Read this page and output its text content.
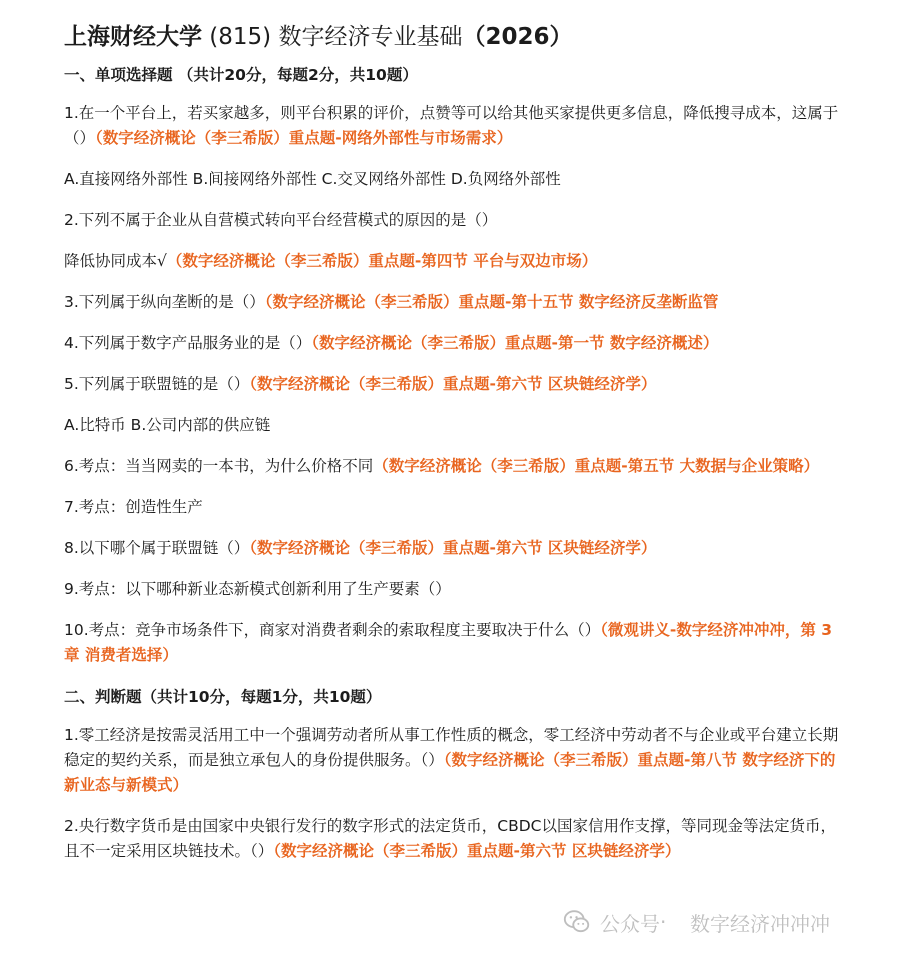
上海财经大学 (815) 数字经济专业基础（2026）
一、单项选择题 （共计20分，每题2分，共10题）
1.在一个平台上，若买家越多，则平台积累的评价，点赞等可以给其他买家提供更多信息，降低搜寻成本，这属于（）（数字经济概论（李三希版）重点题-网络外部性与市场需求）
A.直接网络外部性 B.间接网络外部性 C.交叉网络外部性 D.负网络外部性
2.下列不属于企业从自营模式转向平台经营模式的原因的是（）
降低协同成本√（数字经济概论（李三希版）重点题-第四节 平台与双边市场）
3.下列属于纵向垄断的是（）（数字经济概论（李三希版）重点题-第十五节 数字经济反垄断监管
4.下列属于数字产品服务业的是（）（数字经济概论（李三希版）重点题-第一节 数字经济概述）
5.下列属于联盟链的是（）（数字经济概论（李三希版）重点题-第六节 区块链经济学）
A.比特币 B.公司内部的供应链
6.考点：当当网卖的一本书，为什么价格不同（数字经济概论（李三希版）重点题-第五节 大数据与企业策略）
7.考点：创造性生产
8.以下哪个属于联盟链（）（数字经济概论（李三希版）重点题-第六节 区块链经济学）
9.考点：以下哪种新业态新模式创新利用了生产要素（）
10.考点：竞争市场条件下，商家对消费者剩余的索取程度主要取决于什么（）（微观讲义-数字经济冲冲冲，第 3 章 消费者选择）
二、判断题（共计10分，每题1分，共10题）
1.零工经济是按需灵活用工中一个强调劳动者所从事工作性质的概念，零工经济中劳动者不与企业或平台建立长期稳定的契约关系，而是独立承包人的身份提供服务。（）（数字经济概论（李三希版）重点题-第八节 数字经济下的新业态与新模式）
2.央行数字货币是由国家中央银行发行的数字形式的法定货币，CBDC以国家信用作支撑，等同现金等法定货币，且不一定采用区块链技术。（）（数字经济概论（李三希版）重点题-第六节 区块链经济学）
公众号 ·	数字经济冲冲冲
